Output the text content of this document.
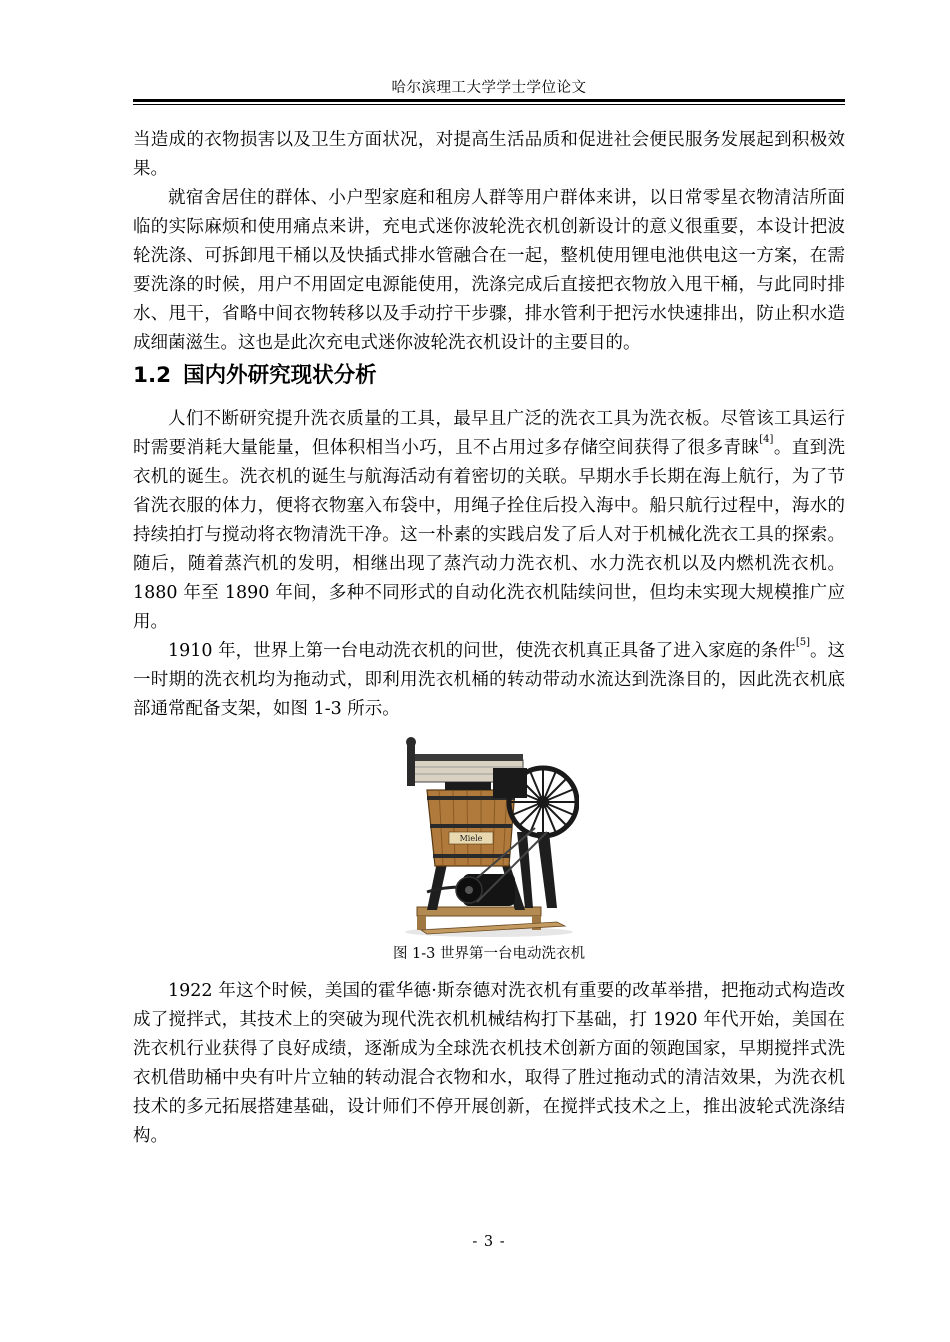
哈尔滨理工大学学士学位论文

当造成的衣物损害以及卫生方面状况，对提高生活品质和促进社会便民服务发展起到积极效果。

就宿舍居住的群体、小户型家庭和租房人群等用户群体来讲，以日常零星衣物清洁所面临的实际麻烦和使用痛点来讲，充电式迷你波轮洗衣机创新设计的意义很重要，本设计把波轮洗涤、可拆卸甩干桶以及快插式排水管融合在一起，整机使用锂电池供电这一方案，在需要洗涤的时候，用户不用固定电源能使用，洗涤完成后直接把衣物放入甩干桶，与此同时排水、甩干，省略中间衣物转移以及手动拧干步骤，排水管利于把污水快速排出，防止积水造成细菌滋生。这也是此次充电式迷你波轮洗衣机设计的主要目的。

1.2 国内外研究现状分析

人们不断研究提升洗衣质量的工具，最早且广泛的洗衣工具为洗衣板。尽管该工具运行时需要消耗大量能量，但体积相当小巧，且不占用过多存储空间获得了很多青睐[4]。直到洗衣机的诞生。洗衣机的诞生与航海活动有着密切的关联。早期水手长期在海上航行，为了节省洗衣服的体力，便将衣物塞入布袋中，用绳子拴住后投入海中。船只航行过程中，海水的持续拍打与搅动将衣物清洗干净。这一朴素的实践启发了后人对于机械化洗衣工具的探索。随后，随着蒸汽机的发明，相继出现了蒸汽动力洗衣机、水力洗衣机以及内燃机洗衣机。1880 年至 1890 年间，多种不同形式的自动化洗衣机陆续问世，但均未实现大规模推广应用。

1910 年，世界上第一台电动洗衣机的问世，使洗衣机真正具备了进入家庭的条件[5]。这一时期的洗衣机均为拖动式，即利用洗衣机桶的转动带动水流达到洗涤目的，因此洗衣机底部通常配备支架，如图 1-3 所示。

Miele
图 1-3 世界第一台电动洗衣机

1922 年这个时候，美国的霍华德·斯奈德对洗衣机有重要的改革举措，把拖动式构造改成了搅拌式，其技术上的突破为现代洗衣机机械结构打下基础，打 1920 年代开始，美国在洗衣机行业获得了良好成绩，逐渐成为全球洗衣机技术创新方面的领跑国家，早期搅拌式洗衣机借助桶中央有叶片立轴的转动混合衣物和水，取得了胜过拖动式的清洁效果，为洗衣机技术的多元拓展搭建基础，设计师们不停开展创新，在搅拌式技术之上，推出波轮式洗涤结构。

- 3 -
